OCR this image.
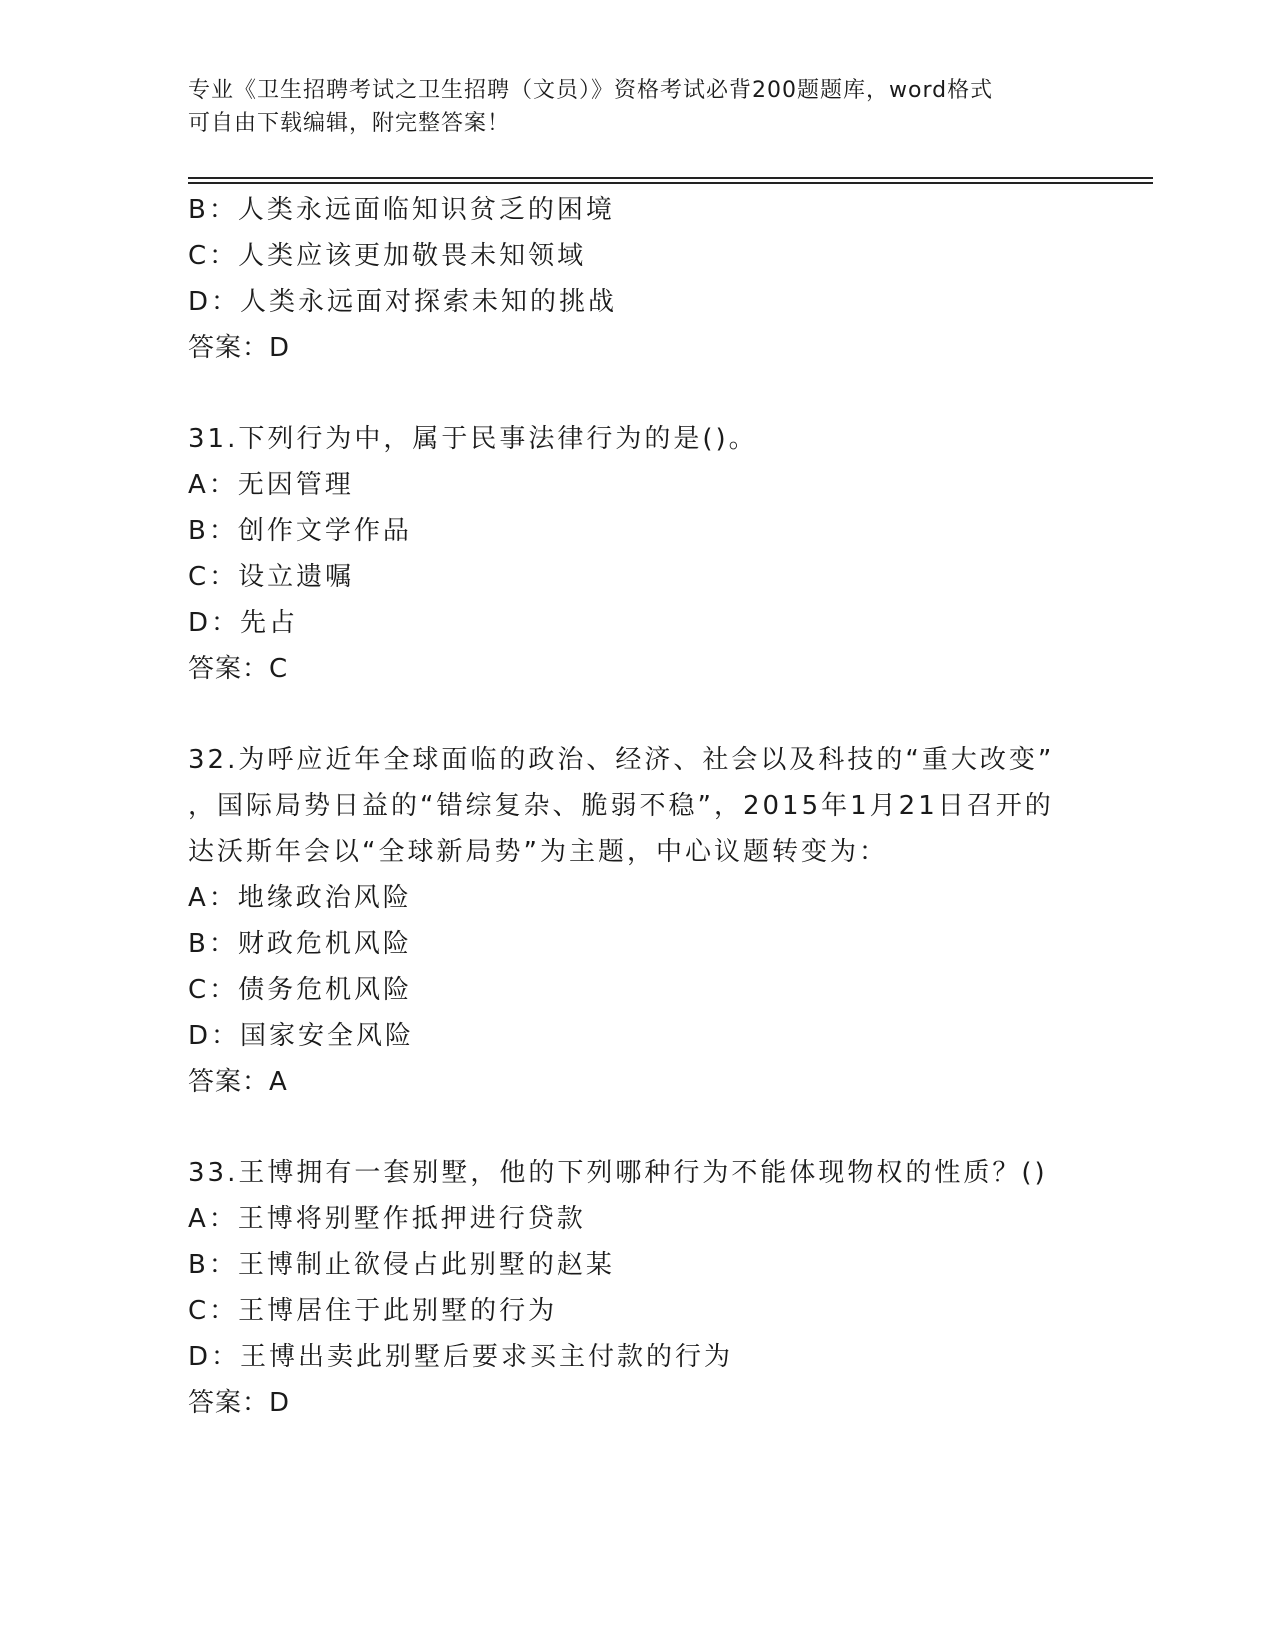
专业《卫生招聘考试之卫生招聘（文员）》资格考试必背200题题库，word格式
可自由下载编辑，附完整答案！
B：人类永远面临知识贫乏的困境
C：人类应该更加敬畏未知领域
D：人类永远面对探索未知的挑战
答案：D
31.下列行为中，属于民事法律行为的是()。
A：无因管理
B：创作文学作品
C：设立遗嘱
D：先占
答案：C
32.为呼应近年全球面临的政治、经济、社会以及科技的“重大改变”
，国际局势日益的“错综复杂、脆弱不稳”，2015年1月21日召开的
达沃斯年会以“全球新局势”为主题，中心议题转变为：
A：地缘政治风险
B：财政危机风险
C：债务危机风险
D：国家安全风险
答案：A
33.王博拥有一套别墅，他的下列哪种行为不能体现物权的性质？()
A：王博将别墅作抵押进行贷款
B：王博制止欲侵占此别墅的赵某
C：王博居住于此别墅的行为
D：王博出卖此别墅后要求买主付款的行为
答案：D
